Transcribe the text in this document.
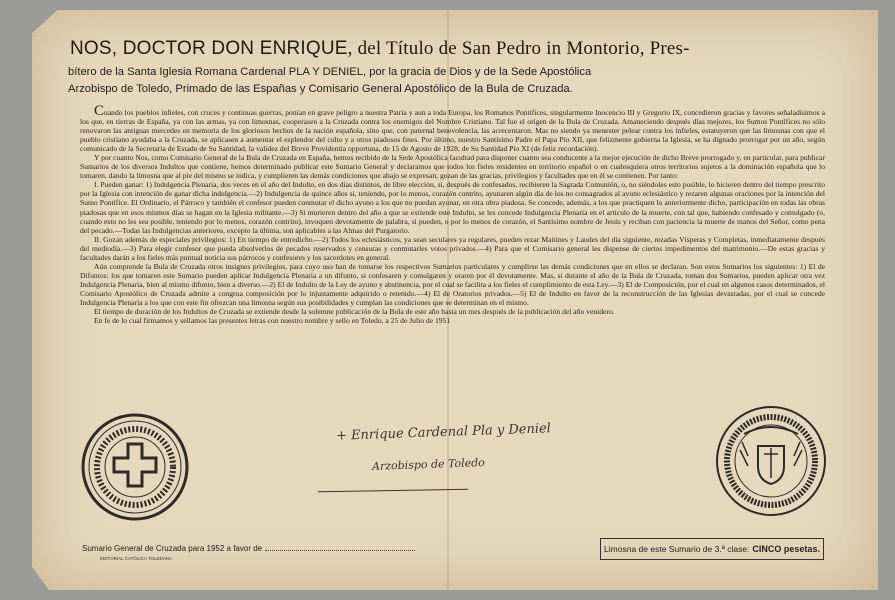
NOS, DOCTOR DON ENRIQUE, del Título de San Pedro in Montorio, Pres-
bítero de la Santa Iglesia Romana Cardenal PLA Y DENIEL, por la gracia de Dios y de la Sede Apostólica
Arzobispo de Toledo, Primado de las Españas y Comisario General Apostólico de la Bula de Cruzada.

Cuando los pueblos infieles, con cruces y continuas guerras, ponían en grave peligro a nuestra Patria y aun a toda Europa, los Romanos Pontífices, singularmente Inocencio III y Gregorio IX, concedieron gracias y favores señaladísimos a los que, en tierras de España, ya con las armas, ya con limosnas, cooperasen a la Cruzada contra los enemigos del Nombre Cristiano. Tal fue el origen de la Bula de Cruzada. Amaneciendo después días mejores, los Sumos Pontífices no sólo renovaron las antiguas mercedes en memoria de los gloriosos hechos de la nación española, sino que, con paternal benevolencia, las acrecentaron. Mas no siendo ya menester pelear contra los infieles, estatuyeron que las limosnas con que el pueblo cristiano ayudaba a la Cruzada, se aplicasen a aumentar el esplendor del culto y a otros piadosos fines. Por último, nuestro Santísimo Padre el Papa Pío XII, que felizmente gobierna la Iglesia, se ha dignado prorrogar por un año, según comunicado de la Secretaría de Estado de Su Santidad, la validez del Breve Providentia opportuna, de 15 de Agosto de 1928, de Su Santidad Pío XI (de feliz recordación).

Y por cuanto Nos, como Comisario General de la Bula de Cruzada en España, hemos recibido de la Sede Apostólica facultad para disponer cuanto sea conducente a la mejor ejecución de dicho Breve prorrogado y, en particular, para publicar Sumarios de los diversos Indultos que contiene, hemos determinado publicar este Sumario General y declaramos que todos los fieles residentes en territorio español o en cualesquiera otros territorios sujetos a la dominación española que lo tomaren, dando la limosna que al pie del mismo se indica, y cumplieren las demás condiciones que abajo se expresan, gozan de las gracias, privilegios y facultades que en él se contienen. Por tanto:

I. Pueden ganar: 1) Indulgencia Plenaria, dos veces en el año del Indulto, en dos días distintos, de libre elección, si, después de confesados, recibieren la Sagrada Comunión, o, no siéndoles esto posible, lo hicieren dentro del tiempo prescrito por la Iglesia con intención de ganar dicha indulgencia.—2) Indulgencia de quince años si, teniendo, por lo menos, corazón contrito, ayunaren algún día de los no consagrados al ayuno eclesiástico y rezaren algunas oraciones por la intención del Sumo Pontífice. El Ordinario, el Párroco y también el confesor pueden conmutar el dicho ayuno a los que no puedan ayunar, en otra obra piadosa. Se concede, además, a los que practiquen lo anteriormente dicho, participación en todas las obras piadosas que en esos mismos días se hagan en la Iglesia militante.—3) Si murieren dentro del año a que se extiende este Indulto, se les concede Indulgencia Plenaria en el artículo de la muerte, con tal que, habiendo confesado y comulgado (o, cuando esto no les sea posible, teniendo por lo menos, corazón contrito), invoquen devotamente de palabra, si pueden, o por lo menos de corazón, el Santísimo nombre de Jesús y reciban con paciencia la muerte de manos del Señor, como pena del pecado.—Todas las Indulgencias anteriores, excepto la última, son aplicables a las Almas del Purgatorio.

II. Gozan además de especiales privilegios: 1) En tiempo de entredicho.—2) Todos los eclesiásticos, ya sean seculares ya regulares, pueden rezar Maitines y Laudes del día siguiente, rezadas Vísperas y Completas, inmediatamente después del mediodía.—3) Para elegir confesor que pueda absolverlos de pecados reservados y censuras y conmutarles votos privados.—4) Para que el Comisario general les dispense de ciertos impedimentos del matrimonio.—De estas gracias y facultades darán a los fieles más puntual noticia sus párrocos y confesores y los sacerdotes en general.

Aún comprende la Bula de Cruzada otros insignes privilegios, para cuyo uso han de tomarse los respectivos Sumarios particulares y cumplirse las demás condiciones que en ellos se declaran. Son estos Sumarios los siguientes: 1) El de Difuntos: los que tomaren este Sumario pueden aplicar Indulgencia Plenaria a un difunto, si confesaren y comulgaren y oraren por él devotamente. Mas, si durante el año de la Bula de Cruzada, toman dos Sumarios, pueden aplicar otra vez Indulgencia Plenaria, bien al mismo difunto, bien a diverso.—2) El de Indulto de la Ley de ayuno y abstinencia, por el cual se facilita a los fieles el cumplimiento de esta Ley.—3) El de Composición, por el cual en algunos casos determinados, el Comisario Apostólico de Cruzada admite a congrua composición por lo injustamente adquirido o retenido.—4) El de Oratorios privados.—5) El de Indulto en favor de la reconstrucción de las Iglesias devastadas, por el cual se concede Indulgencia Plenaria a los que con este fin ofrezcan una limosna según sus posibilidades y cumplan las condiciones que se determinan en el mismo.

El tiempo de duración de los Indultos de Cruzada se extiende desde la solemne publicación de la Bula de este año hasta un mes después de la publicación del año venidero.

En fe de lo cual firmamos y sellamos las presentes letras con nuestro nombre y sello en Toledo, a 25 de Julio de 1951

+ Enrique Cardenal Pla y Deniel
Arzobispo de Toledo
Sumario General de Cruzada para 1952 a favor de
EDITORIAL CATÓLICA TOLEDANA
Limosna de este Sumario de 3.ª clase: CINCO pesetas.
